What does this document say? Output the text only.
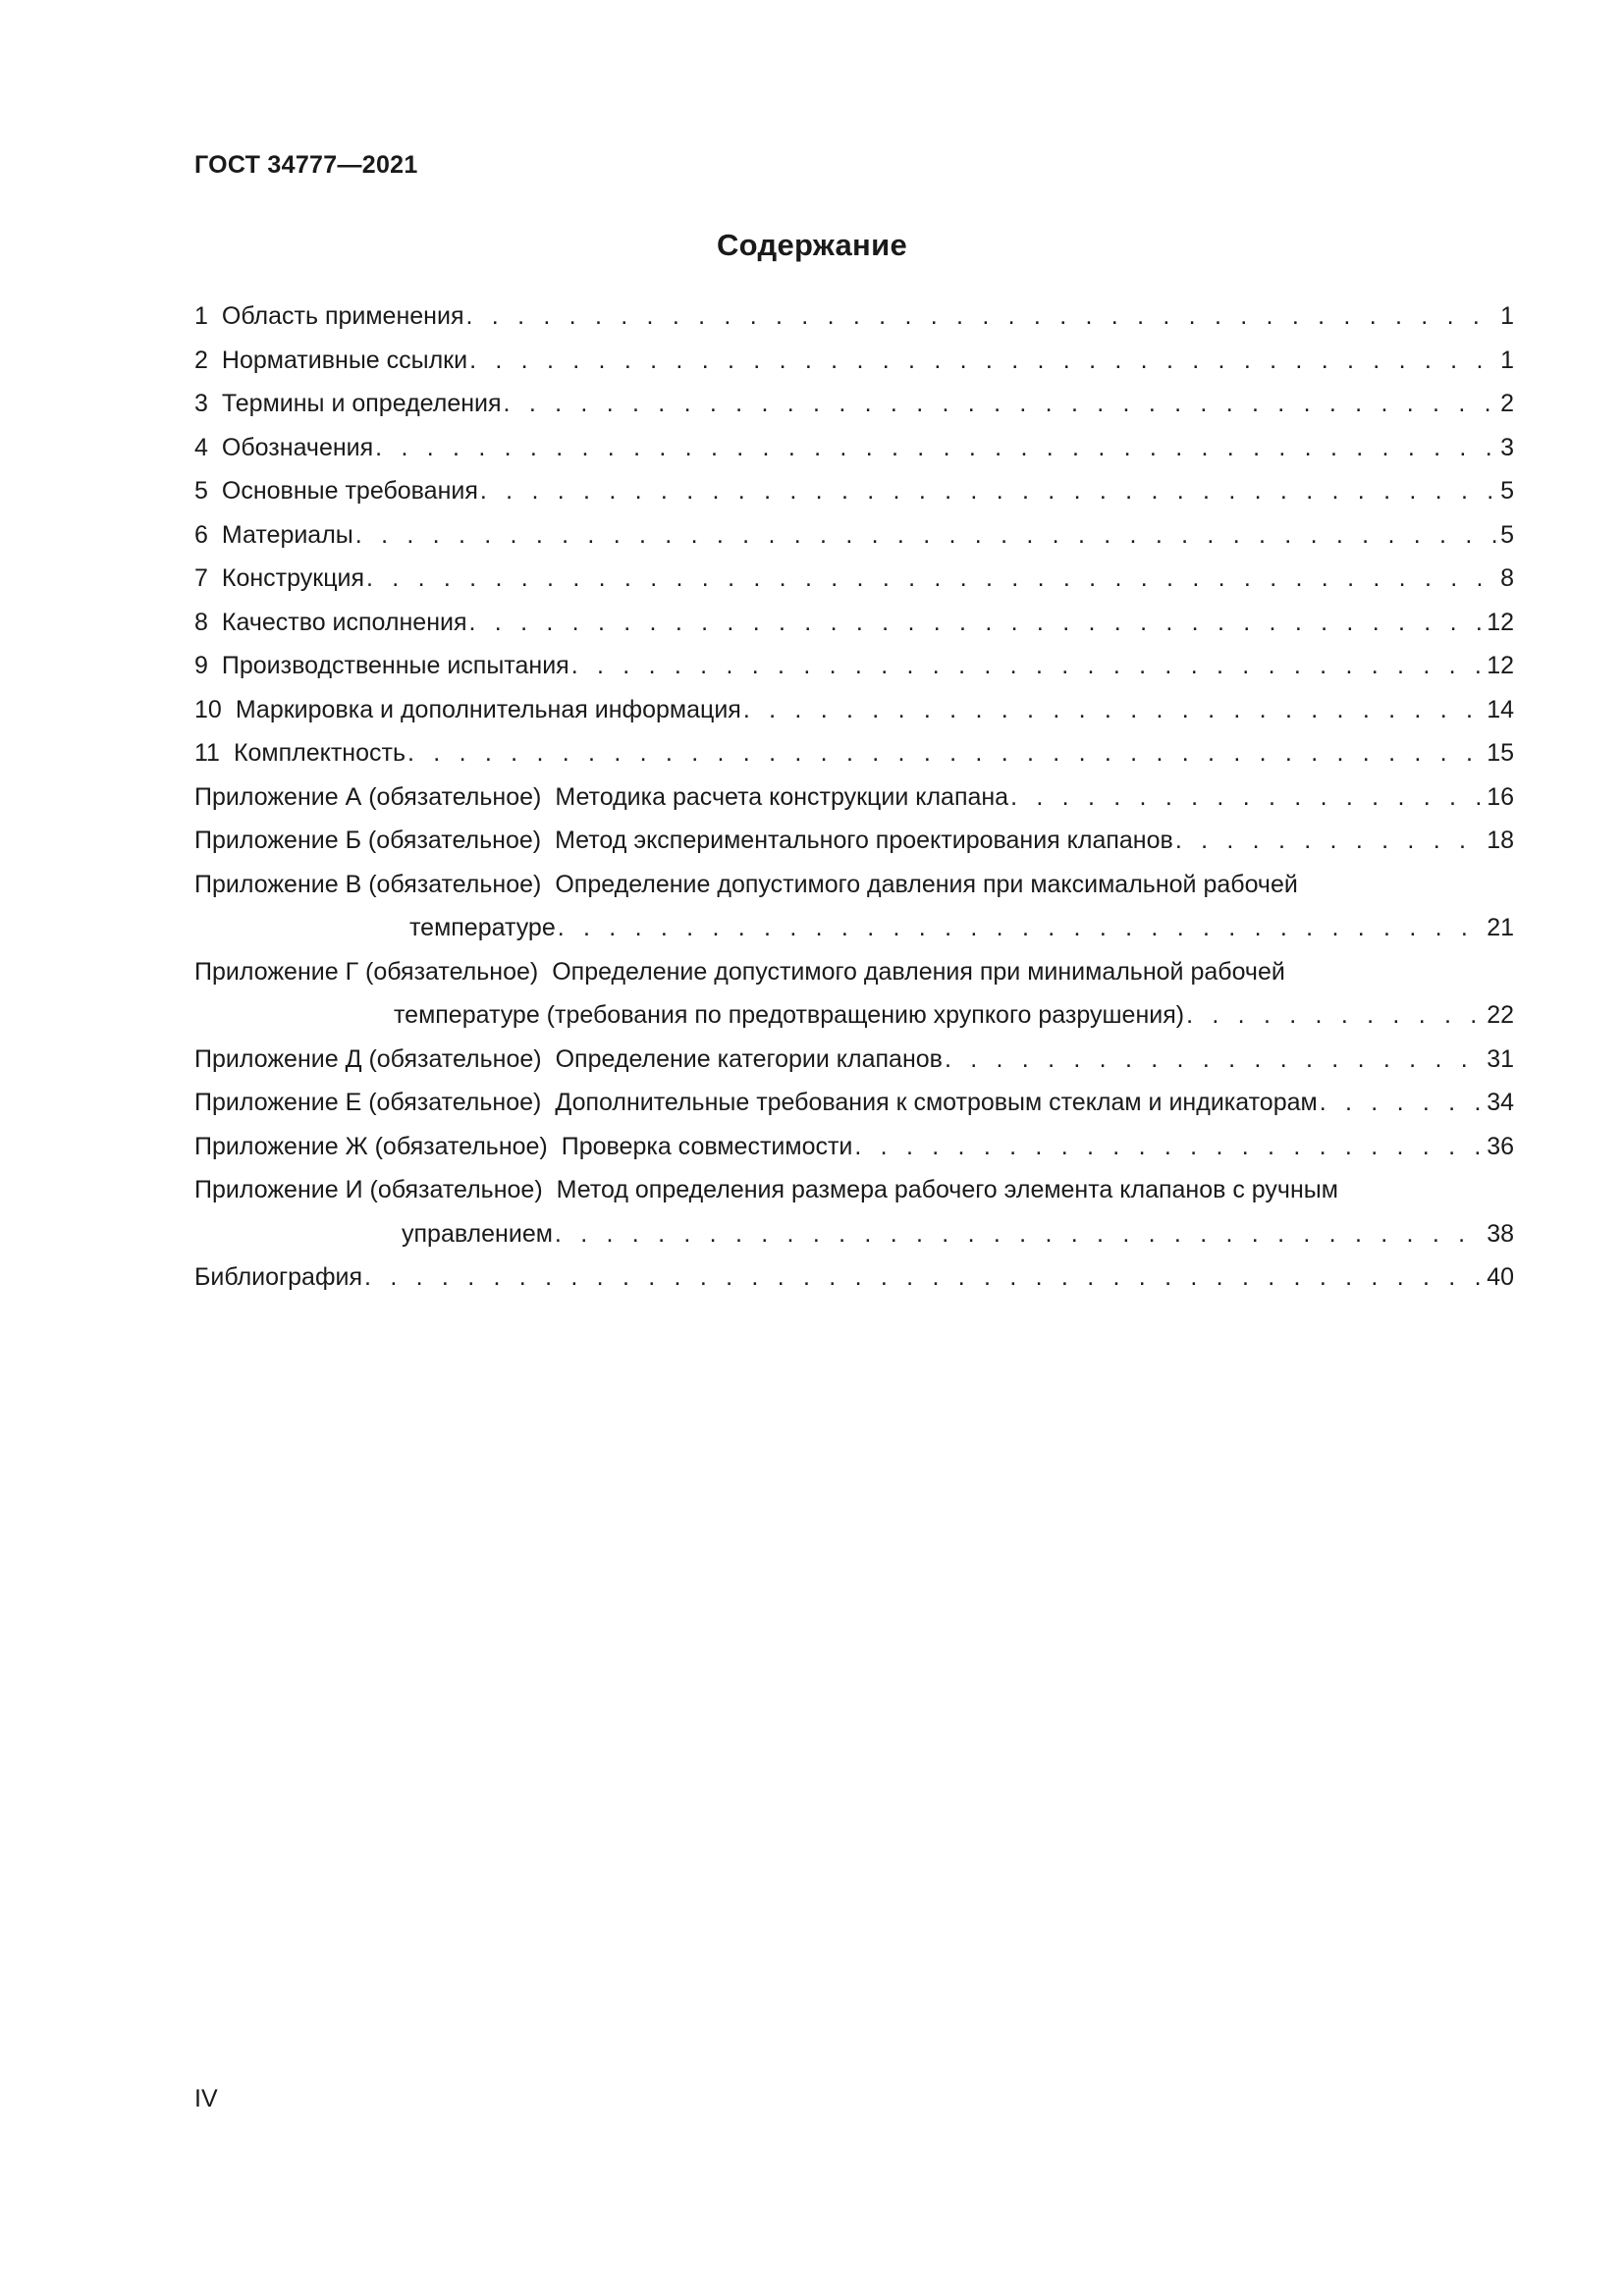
ГОСТ 34777—2021
Содержание
1 Область применения . . .	1
2 Нормативные ссылки . . .	1
3 Термины и определения . . .	2
4 Обозначения . . .	3
5 Основные требования . . .	5
6 Материалы . . .	5
7 Конструкция . . .	8
8 Качество исполнения . . .	12
9 Производственные испытания . . .	12
10 Маркировка и дополнительная информация . . .	14
11 Комплектность . . .	15
Приложение А (обязательное) Методика расчета конструкции клапана . . .	16
Приложение Б (обязательное) Метод экспериментального проектирования клапанов . . .	18
Приложение В (обязательное) Определение допустимого давления при максимальной рабочей
температуре . . .	21
Приложение Г (обязательное) Определение допустимого давления при минимальной рабочей
температуре (требования по предотвращению хрупкого разрушения) . . .	22
Приложение Д (обязательное) Определение категории клапанов . . .	31
Приложение Е (обязательное) Дополнительные требования к смотровым стеклам и индикаторам . . .	34
Приложение Ж (обязательное) Проверка совместимости . . .	36
Приложение И (обязательное) Метод определения размера рабочего элемента клапанов с ручным
управлением . . .	38
Библиография . . .	40
IV
